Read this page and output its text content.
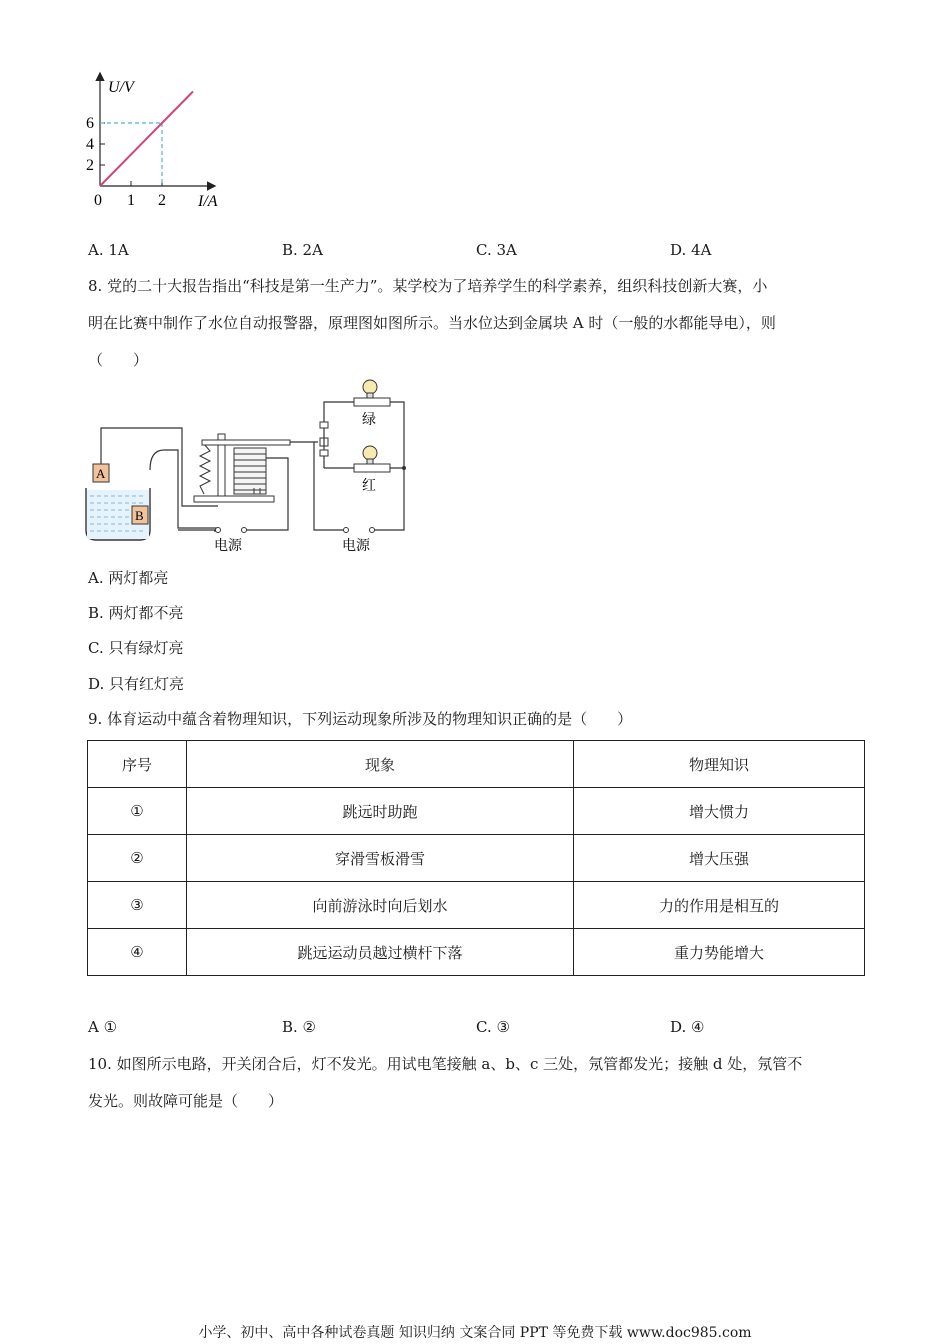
U/V
I/A
2
4
6
0 1 2
A. 1A	B. 2A	C. 3A	D. 4A
8. 党的二十大报告指出“科技是第一生产力”。某学校为了培养学生的科学素养，组织科技创新大赛，小
明在比赛中制作了水位自动报警器，原理图如图所示。当水位达到金属块 A 时（一般的水都能导电），则
（　　）
A
B
电源	电源
绿
红
A. 两灯都亮
B. 两灯都不亮
C. 只有绿灯亮
D. 只有红灯亮
9. 体育运动中蕴含着物理知识，下列运动现象所涉及的物理知识正确的是（　　）
序号	现象	物理知识
①	跳远时助跑	增大惯力
②	穿滑雪板滑雪	增大压强
③	向前游泳时向后划水	力的作用是相互的
④	跳远运动员越过横杆下落	重力势能增大
A ①	B. ②	C. ③	D. ④
10. 如图所示电路，开关闭合后，灯不发光。用试电笔接触 a、b、c 三处，氖管都发光；接触 d 处，氖管不
发光。则故障可能是（　　）
小学、初中、高中各种试卷真题 知识归纳 文案合同 PPT 等免费下载 www.doc985.com
